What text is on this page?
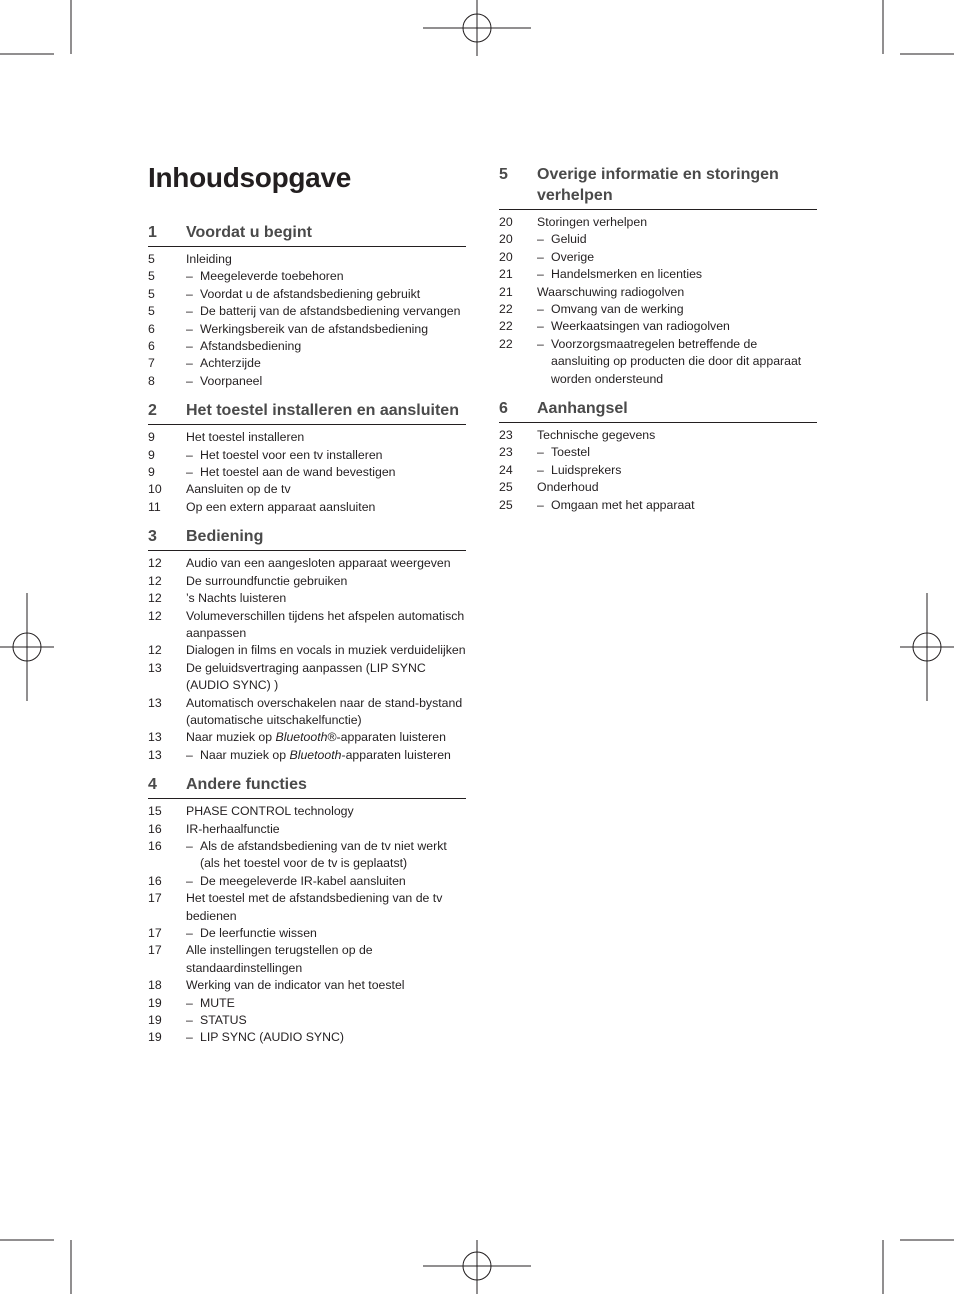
Inhoudsopgave
1	Voordat u begint
5	Inleiding
5	– Meegeleverde toebehoren
5	– Voordat u de afstandsbediening gebruikt
5	– De batterij van de afstandsbediening vervangen
6	– Werkingsbereik van de afstandsbediening
6	– Afstandsbediening
7	– Achterzijde
8	– Voorpaneel
2	Het toestel installeren en aansluiten
9	Het toestel installeren
9	– Het toestel voor een tv installeren
9	– Het toestel aan de wand bevestigen
10	Aansluiten op de tv
11	Op een extern apparaat aansluiten
3	Bediening
12	Audio van een aangesloten apparaat weergeven
12	De surroundfunctie gebruiken
12	’s Nachts luisteren
12	Volumeverschillen tijdens het afspelen automatisch aanpassen
12	Dialogen in films en vocals in muziek verduidelijken
13	De geluidsvertraging aanpassen (LIP SYNC (AUDIO SYNC) )
13	Automatisch overschakelen naar de stand-bystand (automatische uitschakelfunctie)
13	Naar muziek op Bluetooth®-apparaten luisteren
13	– Naar muziek op Bluetooth-apparaten luisteren
4	Andere functies
15	PHASE CONTROL technology
16	IR-herhaalfunctie
16	– Als de afstandsbediening van de tv niet werkt (als het toestel voor de tv is geplaatst)
16	– De meegeleverde IR-kabel aansluiten
17	Het toestel met de afstandsbediening van de tv bedienen
17	– De leerfunctie wissen
17	Alle instellingen terugstellen op de standaardinstellingen
18	Werking van de indicator van het toestel
19	– MUTE
19	– STATUS
19	– LIP SYNC (AUDIO SYNC)
5	Overige informatie en storingen verhelpen
20	Storingen verhelpen
20	– Geluid
20	– Overige
21	– Handelsmerken en licenties
21	Waarschuwing radiogolven
22	– Omvang van de werking
22	– Weerkaatsingen van radiogolven
22	– Voorzorgsmaatregelen betreffende de aansluiting op producten die door dit apparaat worden ondersteund
6	Aanhangsel
23	Technische gegevens
23	– Toestel
24	– Luidsprekers
25	Onderhoud
25	– Omgaan met het apparaat
